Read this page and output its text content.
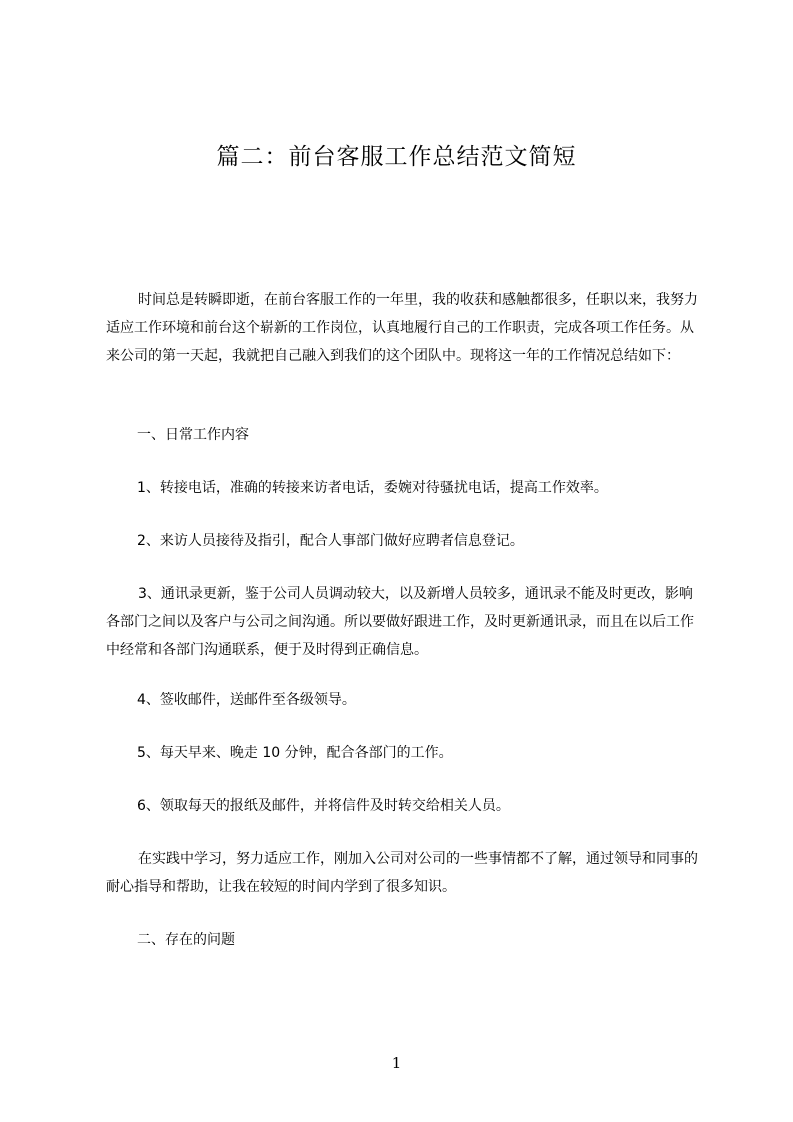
篇二：前台客服工作总结范文简短

时间总是转瞬即逝，在前台客服工作的一年里，我的收获和感触都很多，任职以来，我努力适应工作环境和前台这个崭新的工作岗位，认真地履行自己的工作职责，完成各项工作任务。从来公司的第一天起，我就把自己融入到我们的这个团队中。现将这一年的工作情况总结如下：

一、日常工作内容
1、转接电话，准确的转接来访者电话，委婉对待骚扰电话，提高工作效率。
2、来访人员接待及指引，配合人事部门做好应聘者信息登记。

3、通讯录更新，鉴于公司人员调动较大，以及新增人员较多，通讯录不能及时更改，影响各部门之间以及客户与公司之间沟通。所以要做好跟进工作，及时更新通讯录，而且在以后工作中经常和各部门沟通联系，便于及时得到正确信息。

4、签收邮件，送邮件至各级领导。
5、每天早来、晚走 10 分钟，配合各部门的工作。
6、领取每天的报纸及邮件，并将信件及时转交给相关人员。

在实践中学习，努力适应工作，刚加入公司对公司的一些事情都不了解，通过领导和同事的耐心指导和帮助，让我在较短的时间内学到了很多知识。

二、存在的问题
1
